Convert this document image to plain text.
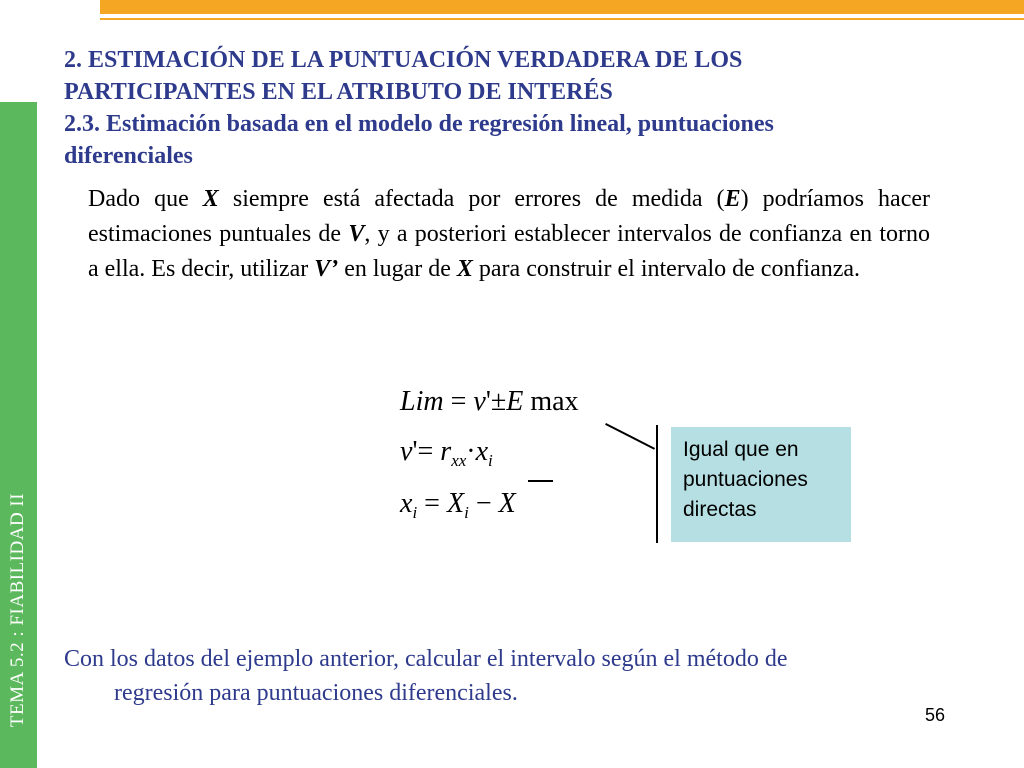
TEMA 5.2 : FIABILIDAD II
2. ESTIMACIÓN DE LA PUNTUACIÓN VERDADERA DE LOS
PARTICIPANTES EN EL ATRIBUTO DE INTERÉS
2.3. Estimación basada en el modelo de regresión lineal, puntuaciones
diferenciales
Dado que X siempre está afectada por errores de medida (E) podríamos hacer estimaciones puntuales de V, y a posteriori establecer intervalos de confianza en torno a ella. Es decir, utilizar V’ en lugar de X para construir el intervalo de confianza.
Lim = v'±E max
$v'= r_{xx}\cdot x_i$
$x_i = X_i - X$
Igual que en
puntuaciones
directas
Con los datos del ejemplo anterior, calcular el intervalo según el método de
regresión para puntuaciones diferenciales.
56
